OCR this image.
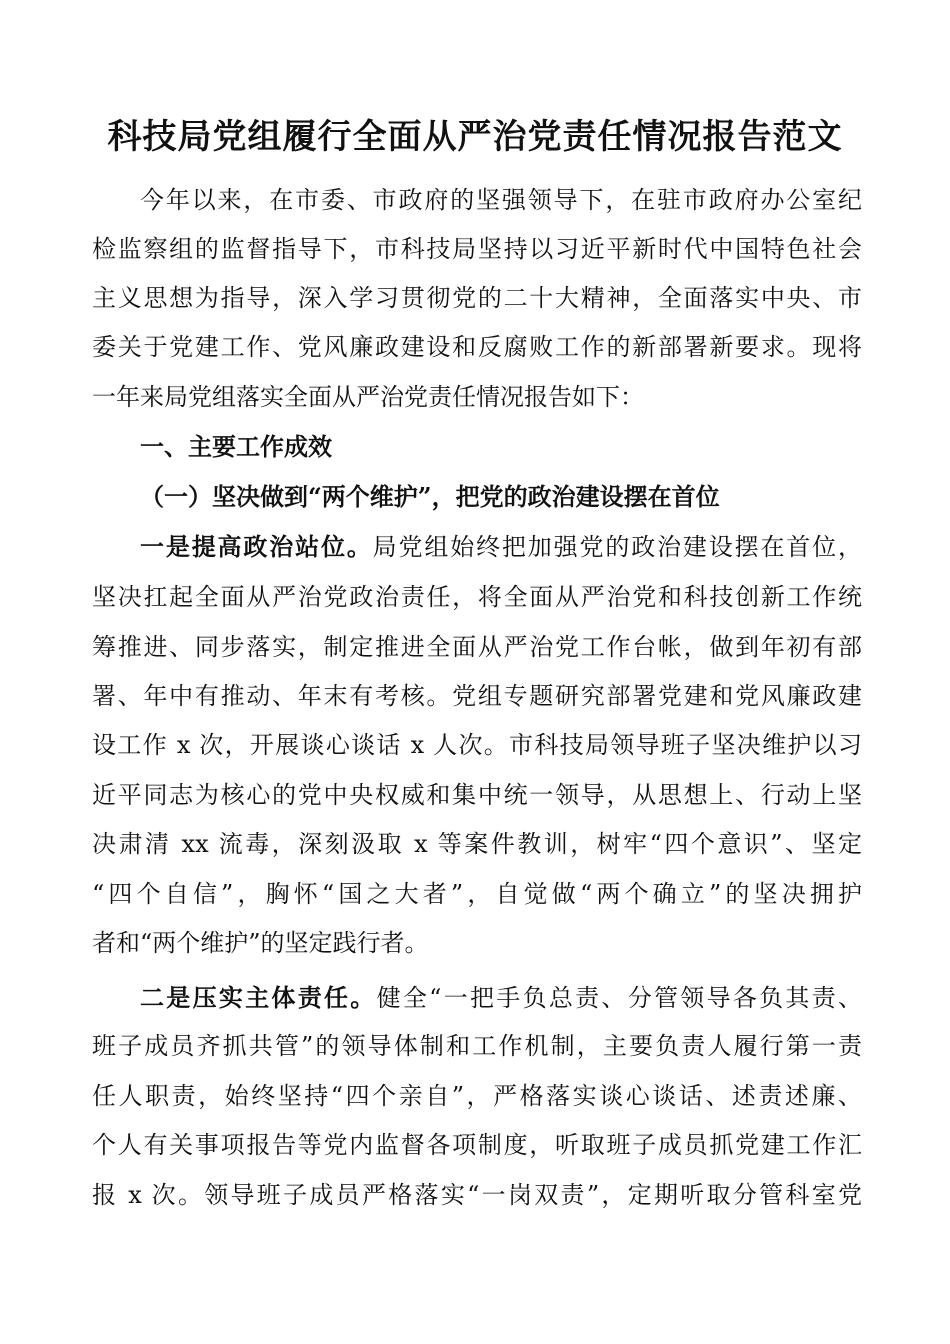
科技局党组履行全面从严治党责任情况报告范文
今年以来，在市委、市政府的坚强领导下，在驻市政府办公室纪
检监察组的监督指导下，市科技局坚持以习近平新时代中国特色社会
主义思想为指导，深入学习贯彻党的二十大精神，全面落实中央、市
委关于党建工作、党风廉政建设和反腐败工作的新部署新要求。现将
一年来局党组落实全面从严治党责任情况报告如下：
一、主要工作成效
（一）坚决做到“两个维护”，把党的政治建设摆在首位
一是提高政治站位。局党组始终把加强党的政治建设摆在首位，
坚决扛起全面从严治党政治责任，将全面从严治党和科技创新工作统
筹推进、同步落实，制定推进全面从严治党工作台帐，做到年初有部
署、年中有推动、年末有考核。党组专题研究部署党建和党风廉政建
设工作 x 次，开展谈心谈话 x 人次。市科技局领导班子坚决维护以习
近平同志为核心的党中央权威和集中统一领导，从思想上、行动上坚
决肃清 xx 流毒，深刻汲取 x 等案件教训，树牢“四个意识”、坚定
“四个自信”，胸怀“国之大者”，自觉做“两个确立”的坚决拥护
者和“两个维护”的坚定践行者。
二是压实主体责任。健全“一把手负总责、分管领导各负其责、
班子成员齐抓共管”的领导体制和工作机制，主要负责人履行第一责
任人职责，始终坚持“四个亲自”，严格落实谈心谈话、述责述廉、
个人有关事项报告等党内监督各项制度，听取班子成员抓党建工作汇
报 x 次。领导班子成员严格落实“一岗双责”，定期听取分管科室党
